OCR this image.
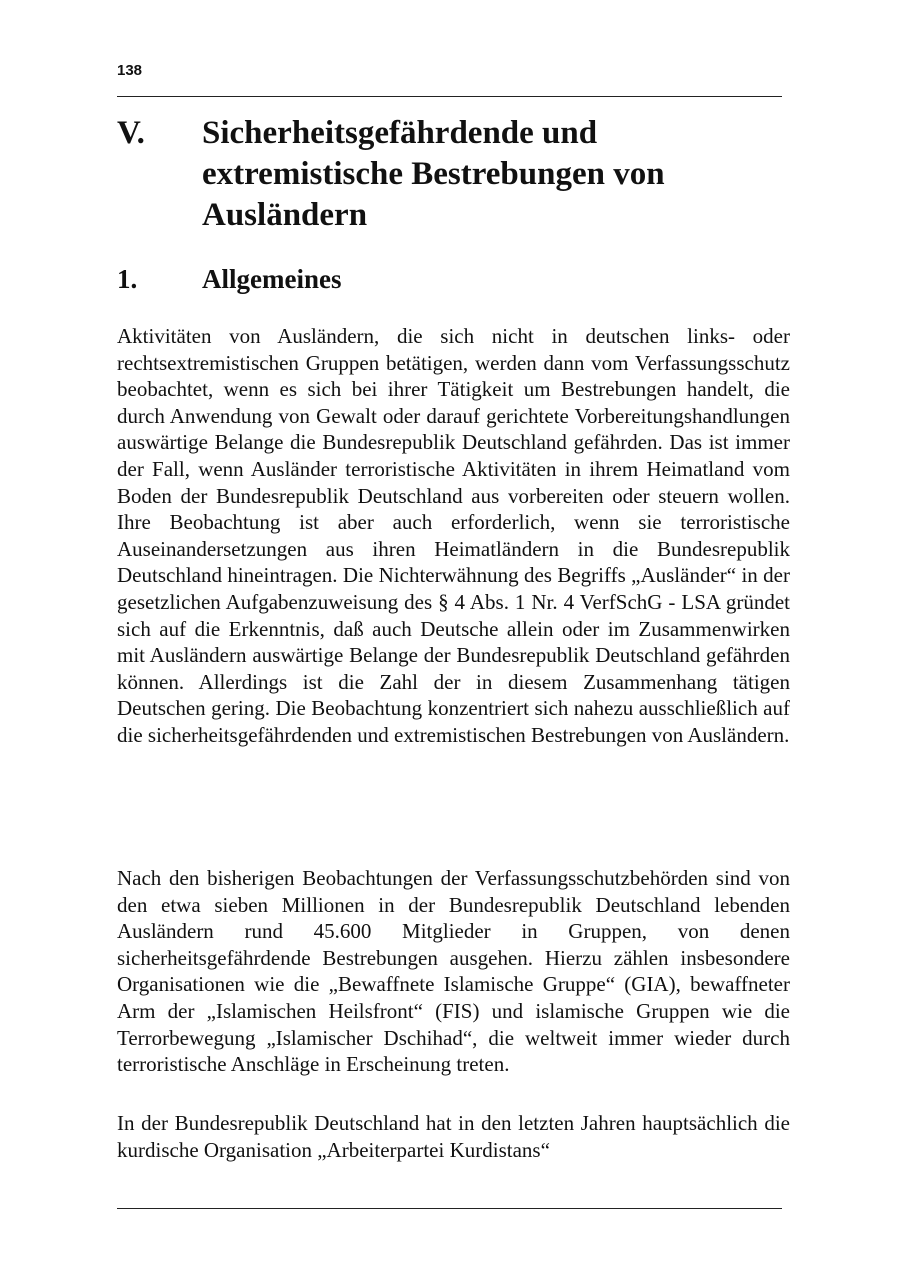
138
V.	Sicherheitsgefährdende und extremistische Bestrebungen von Ausländern
1.	Allgemeines

Aktivitäten von Ausländern, die sich nicht in deutschen links- oder rechtsextremistischen Gruppen betätigen, werden dann vom Verfassungsschutz beobachtet, wenn es sich bei ihrer Tätigkeit um Bestrebungen handelt, die durch Anwendung von Gewalt oder darauf gerichtete Vorbereitungshandlungen auswärtige Belange die Bundesrepublik Deutschland gefährden. Das ist immer der Fall, wenn Ausländer terroristische Aktivitäten in ihrem Heimatland vom Boden der Bundesrepublik Deutschland aus vorbereiten oder steuern wollen. Ihre Beobachtung ist aber auch erforderlich, wenn sie terroristische Auseinandersetzungen aus ihren Heimatländern in die Bundesrepublik Deutschland hineintragen. Die Nichterwähnung des Begriffs „Ausländer“ in der gesetzlichen Aufgabenzuweisung des § 4 Abs. 1 Nr. 4 VerfSchG - LSA gründet sich auf die Erkenntnis, daß auch Deutsche allein oder im Zusammenwirken mit Ausländern auswärtige Belange der Bundesrepublik Deutschland gefährden können. Allerdings ist die Zahl der in diesem Zusammenhang tätigen Deutschen gering. Die Beobachtung konzentriert sich nahezu ausschließlich auf die sicherheitsgefährdenden und extremistischen Bestrebungen von Ausländern.

Nach den bisherigen Beobachtungen der Verfassungsschutzbehörden sind von den etwa sieben Millionen in der Bundesrepublik Deutschland lebenden Ausländern rund 45.600 Mitglieder in Gruppen, von denen sicherheitsgefährdende Bestrebungen ausgehen. Hierzu zählen insbesondere Organisationen wie die „Bewaffnete Islamische Gruppe“ (GIA), bewaffneter Arm der „Islamischen Heilsfront“ (FIS) und islamische Gruppen wie die Terrorbewegung „Islamischer Dschihad“, die weltweit immer wieder durch terroristische Anschläge in Erscheinung treten.

In der Bundesrepublik Deutschland hat in den letzten Jahren hauptsächlich die kurdische Organisation „Arbeiterpartei Kurdistans“
